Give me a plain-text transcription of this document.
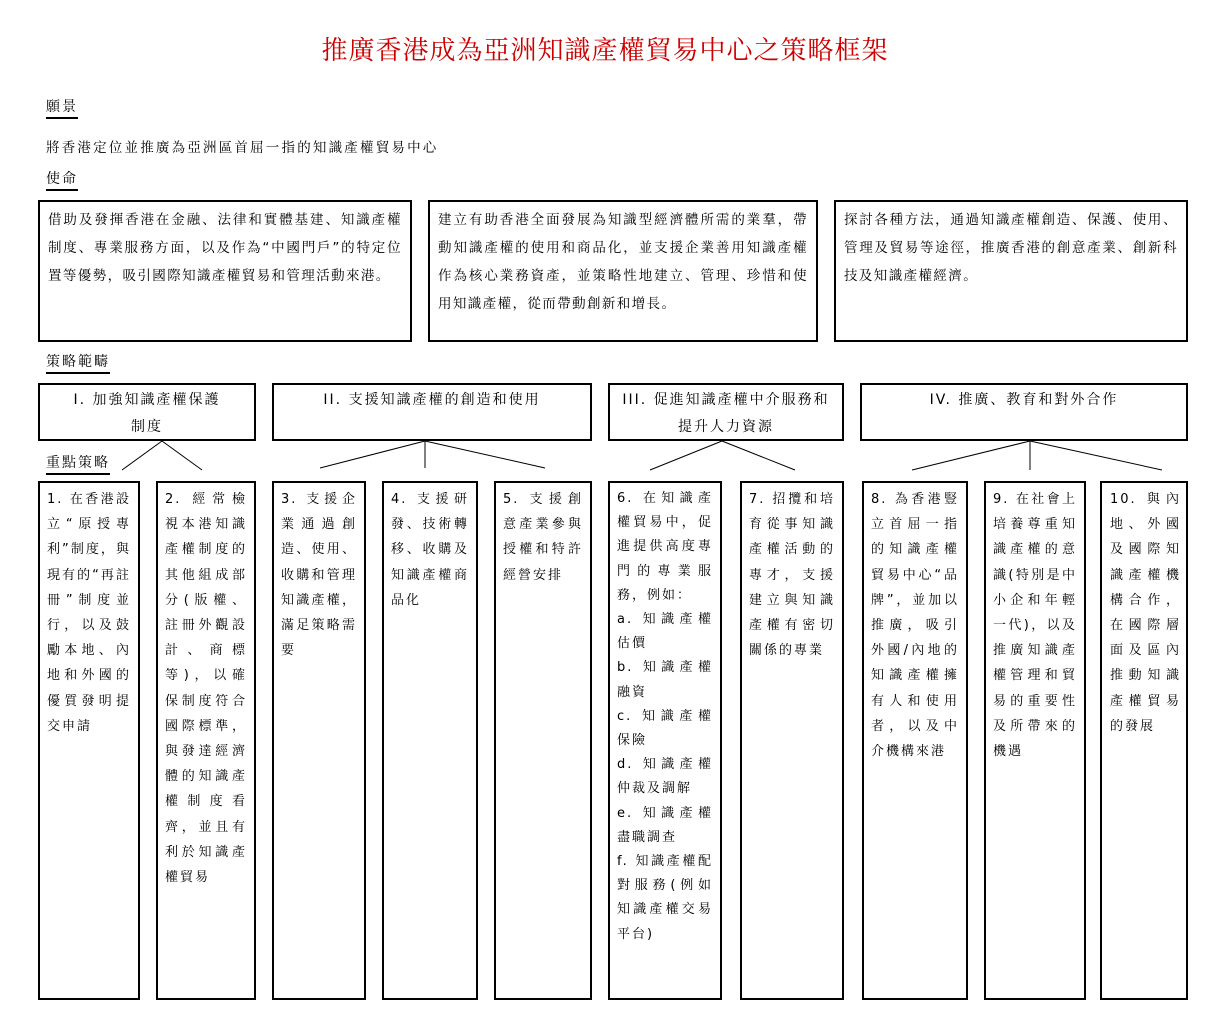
推廣香港成為亞洲知識產權貿易中心之策略框架
願景
將香港定位並推廣為亞洲區首屈一指的知識產權貿易中心
使命
借助及發揮香港在金融、法律和實體基建、知識產權制度、專業服務方面，以及作為“中國門戶”的特定位置等優勢，吸引國際知識產權貿易和管理活動來港。
建立有助香港全面發展為知識型經濟體所需的業羣，帶動知識產權的使用和商品化，並支援企業善用知識產權作為核心業務資產，並策略性地建立、管理、珍惜和使用知識產權，從而帶動創新和增長。
探討各種方法，通過知識產權創造、保護、使用、管理及貿易等途徑，推廣香港的創意產業、創新科技及知識產權經濟。
策略範疇
I. 加強知識產權保護制度
II. 支援知識產權的創造和使用	III. 促進知識產權中介服務和提升人力資源
IV. 推廣、教育和對外合作
重點策略
1. 在香港設立“原授專利”制度，與現有的“再註冊”制度並行，以及鼓勵本地、內地和外國的優質發明提交申請
2. 經常檢視本港知識產權制度的其他組成部分(版權、註冊外觀設計、商標等)，以確保制度符合國際標準，與發達經濟體的知識產權制度看齊，並且有利於知識產權貿易
3. 支援企業通過創造、使用、收購和管理知識產權，滿足策略需要
4. 支援研發、技術轉移、收購及知識產權商品化
5. 支援創意產業參與授權和特許經營安排
6. 在知識產權貿易中，促進提供高度專門的專業服務，例如：
a. 知識產權估價
b. 知識產權融資
c. 知識產權保險
d. 知識產權仲裁及調解
e. 知識產權盡職調查
f. 知識產權配對服務(例如知識產權交易平台)
7. 招攬和培育從事知識產權活動的專才，支援建立與知識產權有密切關係的專業
8. 為香港豎立首屈一指的知識產權貿易中心“品牌”，並加以推廣，吸引外國/內地的知識產權擁有人和使用者，以及中介機構來港
9. 在社會上培養尊重知識產權的意識(特別是中小企和年輕一代)，以及推廣知識產權管理和貿易的重要性及所帶來的機遇
10. 與內地、外國及國際知識產權機構合作，在國際層面及區內推動知識產權貿易的發展
